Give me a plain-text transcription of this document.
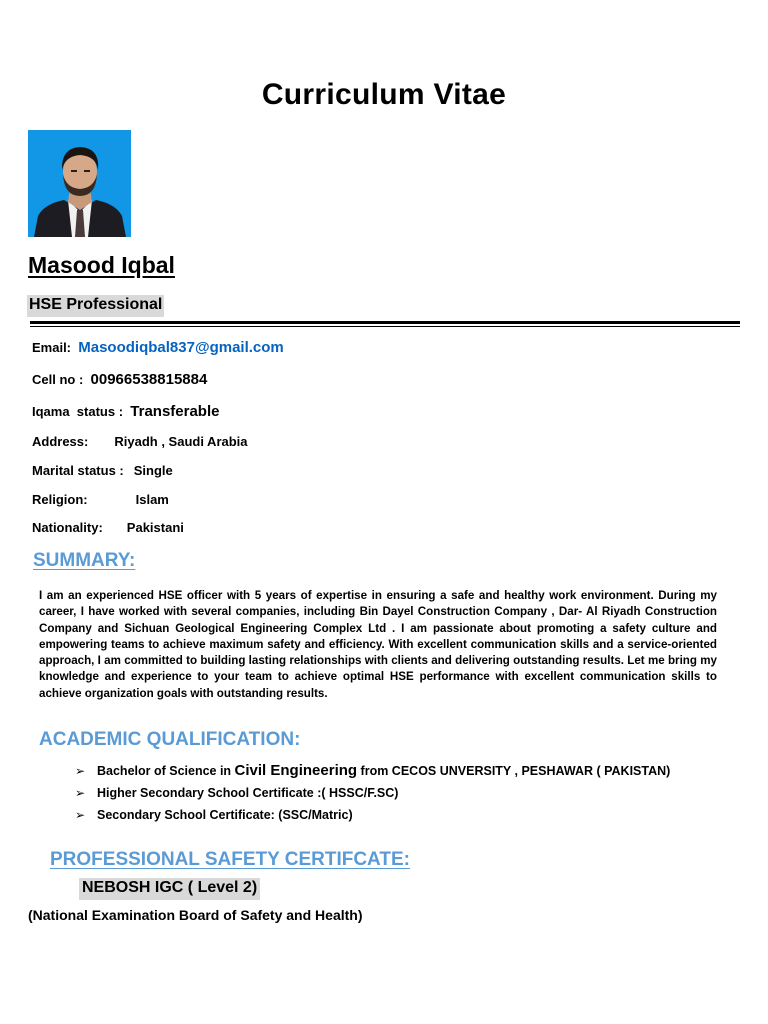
Curriculum Vitae
Masood Iqbal
HSE Professional
Email: Masoodiqbal837@gmail.com
Cell no : 00966538815884
Iqama  status : Transferable
Address: Riyadh , Saudi Arabia
Marital status : Single
Religion:	Islam
Nationality: Pakistani
SUMMARY:
I am an experienced HSE officer with 5 years of expertise in ensuring a safe and healthy work environment. During my career, I have worked with several companies, including Bin Dayel Construction Company , Dar- Al Riyadh Construction Company and Sichuan Geological Engineering Complex Ltd . I am passionate about promoting a safety culture and empowering teams to achieve maximum safety and efficiency. With excellent communication skills and a service-oriented approach, I am committed to building lasting relationships with clients and delivering outstanding results. Let me bring my knowledge and experience to your team to achieve optimal HSE performance with excellent communication skills to achieve organization goals with outstanding results.
ACADEMIC QUALIFICATION:
➢ Bachelor of Science in Civil Engineering from CECOS UNVERSITY , PESHAWAR ( PAKISTAN)
➢ Higher Secondary School Certificate :( HSSC/F.SC)
➢ Secondary School Certificate: (SSC/Matric)
PROFESSIONAL SAFETY CERTIFCATE:
NEBOSH IGC ( Level 2)
(National Examination Board of Safety and Health)
